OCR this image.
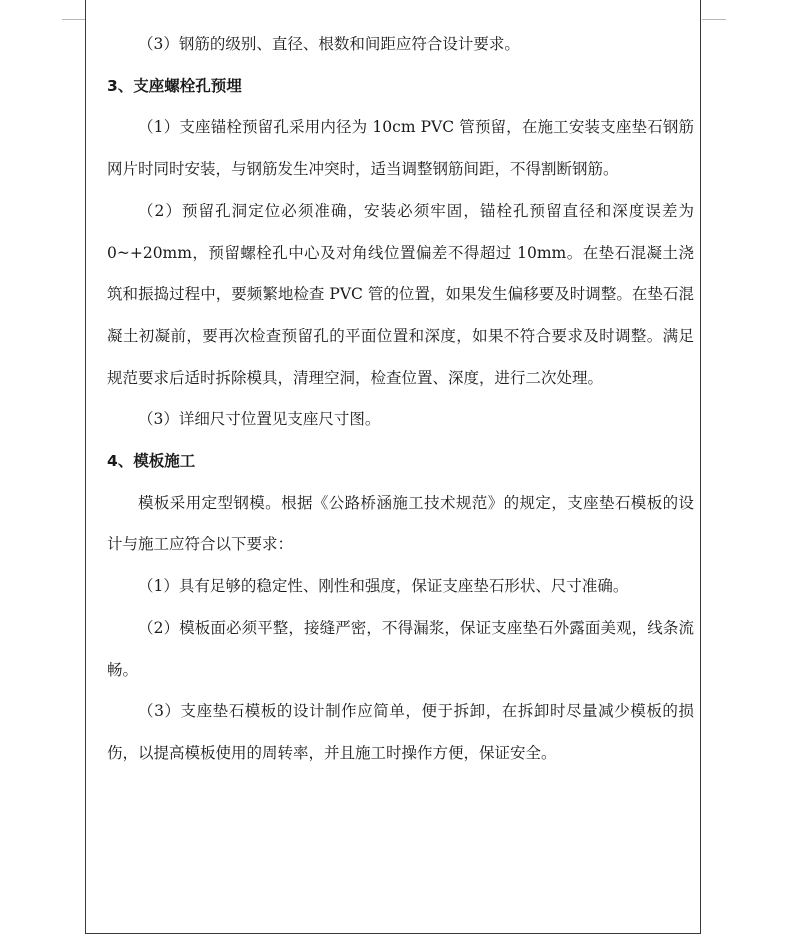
（3）钢筋的级别、直径、根数和间距应符合设计要求。

3、支座螺栓孔预埋

（1）支座锚栓预留孔采用内径为 10cm PVC 管预留，在施工安装支座垫石钢筋网片时同时安装，与钢筋发生冲突时，适当调整钢筋间距，不得割断钢筋。

（2）预留孔洞定位必须准确，安装必须牢固，锚栓孔预留直径和深度误差为 0~+20mm，预留螺栓孔中心及对角线位置偏差不得超过 10mm。在垫石混凝土浇筑和振捣过程中，要频繁地检查 PVC 管的位置，如果发生偏移要及时调整。在垫石混凝土初凝前，要再次检查预留孔的平面位置和深度，如果不符合要求及时调整。满足规范要求后适时拆除模具，清理空洞，检查位置、深度，进行二次处理。

（3）详细尺寸位置见支座尺寸图。

4、模板施工

模板采用定型钢模。根据《公路桥涵施工技术规范》的规定，支座垫石模板的设计与施工应符合以下要求：

（1）具有足够的稳定性、刚性和强度，保证支座垫石形状、尺寸准确。

（2）模板面必须平整，接缝严密，不得漏浆，保证支座垫石外露面美观，线条流畅。

（3）支座垫石模板的设计制作应简单，便于拆卸，在拆卸时尽量减少模板的损伤，以提高模板使用的周转率，并且施工时操作方便，保证安全。
